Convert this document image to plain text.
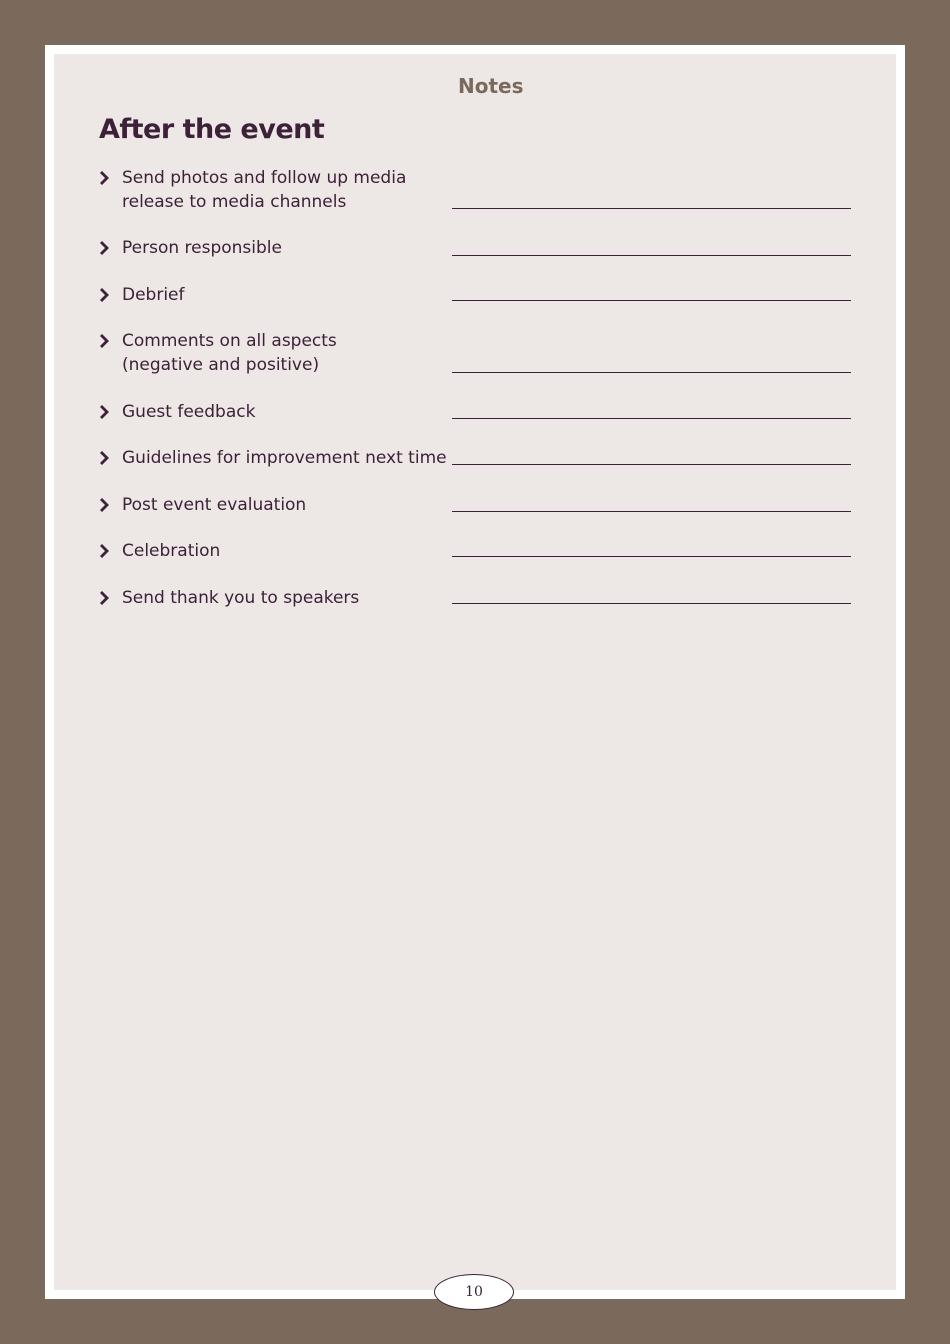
Notes
After the event
Send photos and follow up media
release to media channels
Person responsible
Debrief
Comments on all aspects
(negative and positive)
Guest feedback
Guidelines for improvement next time
Post event evaluation
Celebration
Send thank you to speakers
10
